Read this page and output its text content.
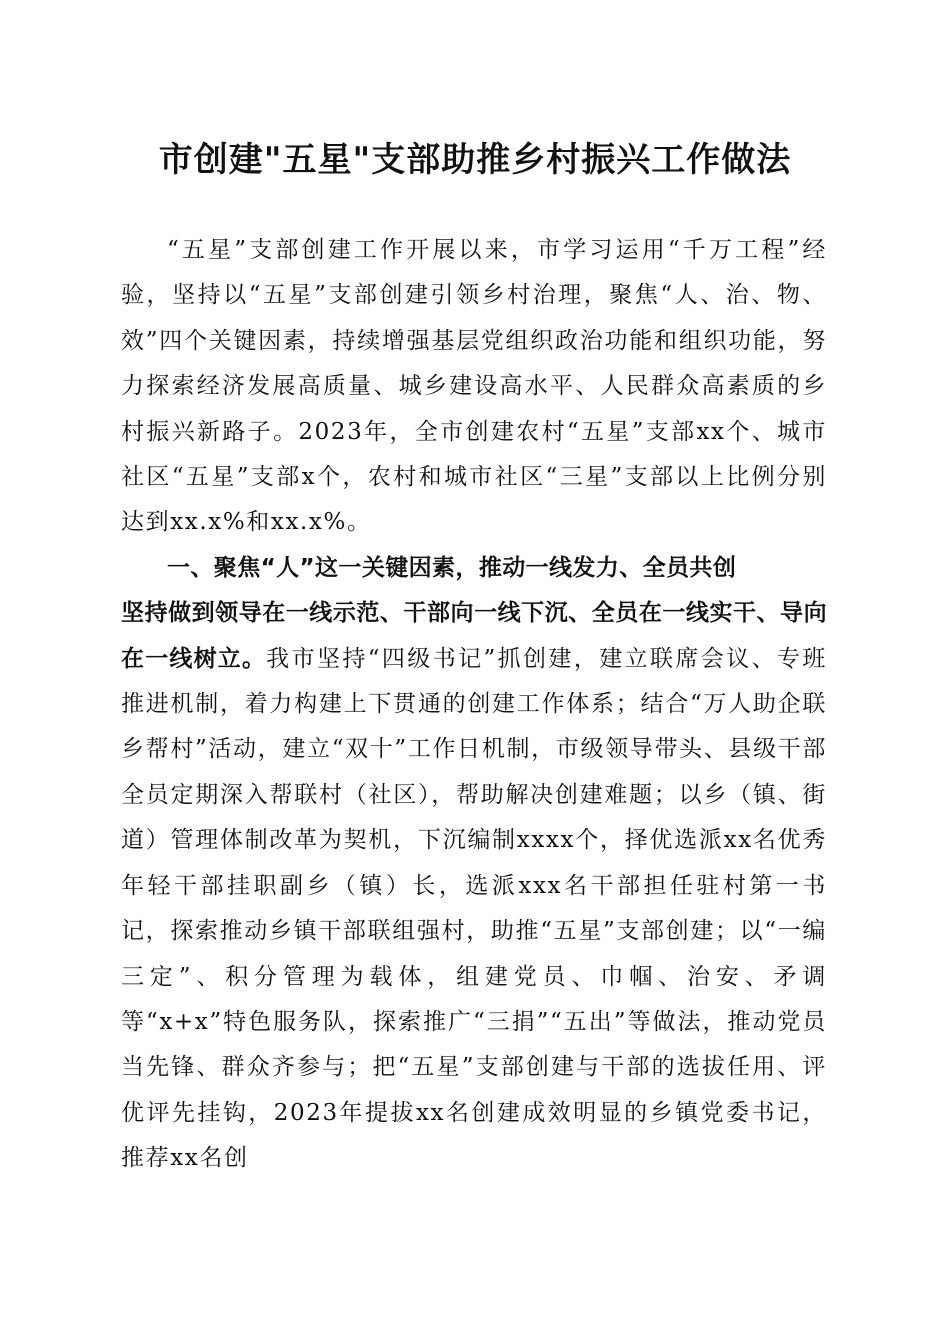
市创建"五星"支部助推乡村振兴工作做法

“五星”支部创建工作开展以来，市学习运用“千万工程”经验，坚持以“五星”支部创建引领乡村治理，聚焦“人、治、物、效”四个关键因素，持续增强基层党组织政治功能和组织功能，努力探索经济发展高质量、城乡建设高水平、人民群众高素质的乡村振兴新路子。2023年，全市创建农村“五星”支部xx个、城市社区“五星”支部x个，农村和城市社区“三星”支部以上比例分别达到xx.x%和xx.x%。

一、聚焦“人”这一关键因素，推动一线发力、全员共创

坚持做到领导在一线示范、干部向一线下沉、全员在一线实干、导向在一线树立。我市坚持“四级书记”抓创建，建立联席会议、专班推进机制，着力构建上下贯通的创建工作体系；结合“万人助企联乡帮村”活动，建立“双十”工作日机制，市级领导带头、县级干部全员定期深入帮联村（社区），帮助解决创建难题；以乡（镇、街道）管理体制改革为契机，下沉编制xxxx个，择优选派xx名优秀年轻干部挂职副乡（镇）长，选派xxx名干部担任驻村第一书记，探索推动乡镇干部联组强村，助推“五星”支部创建；以“一编三定”、积分管理为载体，组建党员、巾帼、治安、矛调等“x+x”特色服务队，探索推广“三捐”“五出”等做法，推动党员当先锋、群众齐参与；把“五星”支部创建与干部的选拔任用、评优评先挂钩，2023年提拔xx名创建成效明显的乡镇党委书记，推荐xx名创
